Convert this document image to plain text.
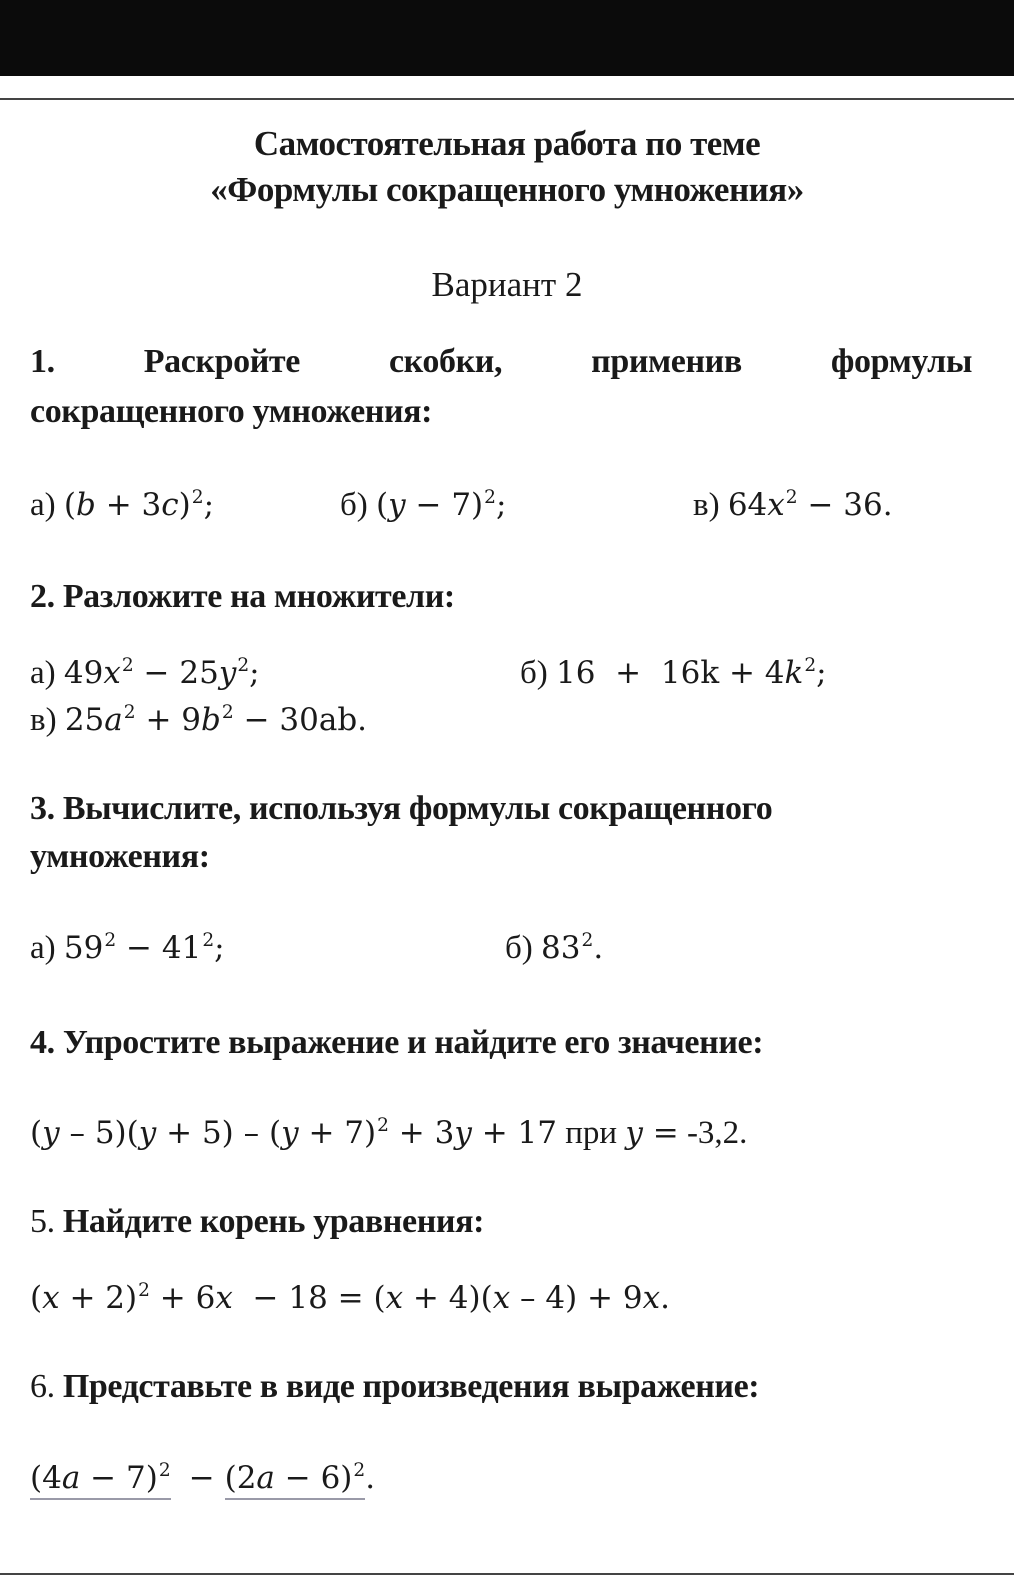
Самостоятельная работа по теме
«Формулы сокращенного умножения»
Вариант 2
1.	Раскройте	скобки,	применив	формулы
сокращенного умножения:
а) $(b + 3c)^2$;	б) $(y - 7)^2$;	в) $64x^2 - 36$.
2. Разложите на множители:
а) $49x^2 - 25y^2$;	б) $16 + 16k + 4k^2$;
в) $25a^2 + 9b^2 - 30ab$.
3. Вычислите, используя формулы сокращенного
умножения:
а) $59^2 - 41^2$;	б) $83^2$.
4. Упростите выражение и найдите его значение:
$(y - 5)(y + 5) - (y + 7)^2 + 3y + 17$ при y = -3,2.
5. Найдите корень уравнения:
$(x + 2)^2 + 6x - 18 = (x + 4)(x - 4) + 9x$.
6. Представьте в виде произведения выражение:
$(4a - 7)^2 - (2a - 6)^2$.
